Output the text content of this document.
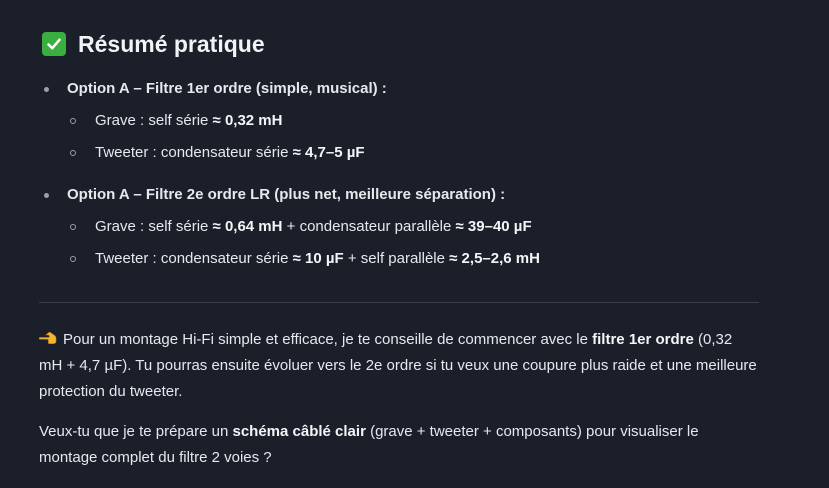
Résumé pratique
Option A – Filtre 1er ordre (simple, musical) :
Grave : self série ≈ 0,32 mH
Tweeter : condensateur série ≈ 4,7–5 µF
Option A – Filtre 2e ordre LR (plus net, meilleure séparation) :
Grave : self série ≈ 0,64 mH + condensateur parallèle ≈ 39–40 µF
Tweeter : condensateur série ≈ 10 µF + self parallèle ≈ 2,5–2,6 mH

Pour un montage Hi-Fi simple et efficace, je te conseille de commencer avec le filtre 1er ordre (0,32 mH + 4,7 µF). Tu pourras ensuite évoluer vers le 2e ordre si tu veux une coupure plus raide et une meilleure protection du tweeter.

Veux-tu que je te prépare un schéma câblé clair (grave + tweeter + composants) pour visualiser le montage complet du filtre 2 voies ?
